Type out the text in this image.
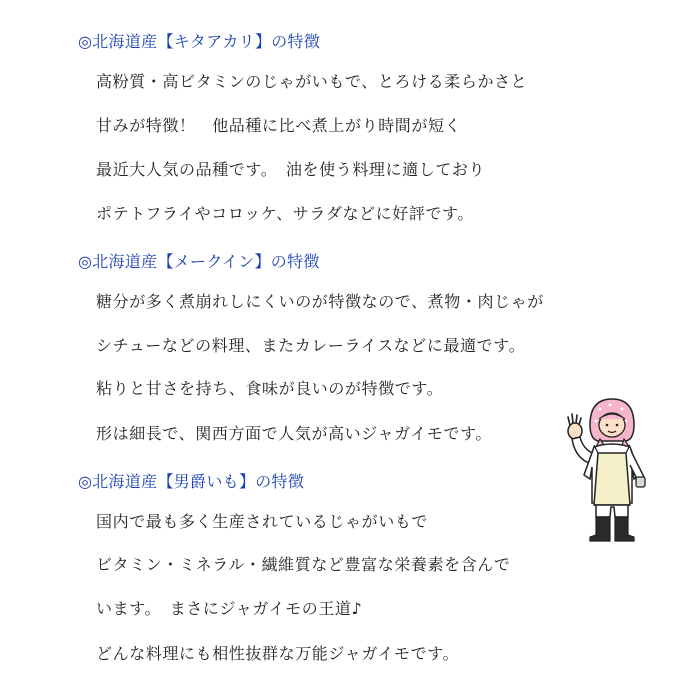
◎北海道産【キタアカリ】の特徴
高粉質・高ビタミンのじゃがいもで、とろける柔らかさと
甘みが特徴！　他品種に比べ煮上がり時間が短く
最近大人気の品種です。　油を使う料理に適しており
ポテトフライやコロッケ、サラダなどに好評です。
◎北海道産【メークイン】の特徴
糖分が多く煮崩れしにくいのが特徴なので、煮物・肉じゃが
シチューなどの料理、またカレーライスなどに最適です。
粘りと甘さを持ち、食味が良いのが特徴です。
形は細長で、関西方面で人気が高いジャガイモです。
◎北海道産【男爵いも】の特徴
国内で最も多く生産されているじゃがいもで
ビタミン・ミネラル・繊維質など豊富な栄養素を含んで
います。　まさにジャガイモの王道♪
どんな料理にも相性抜群な万能ジャガイモです。
